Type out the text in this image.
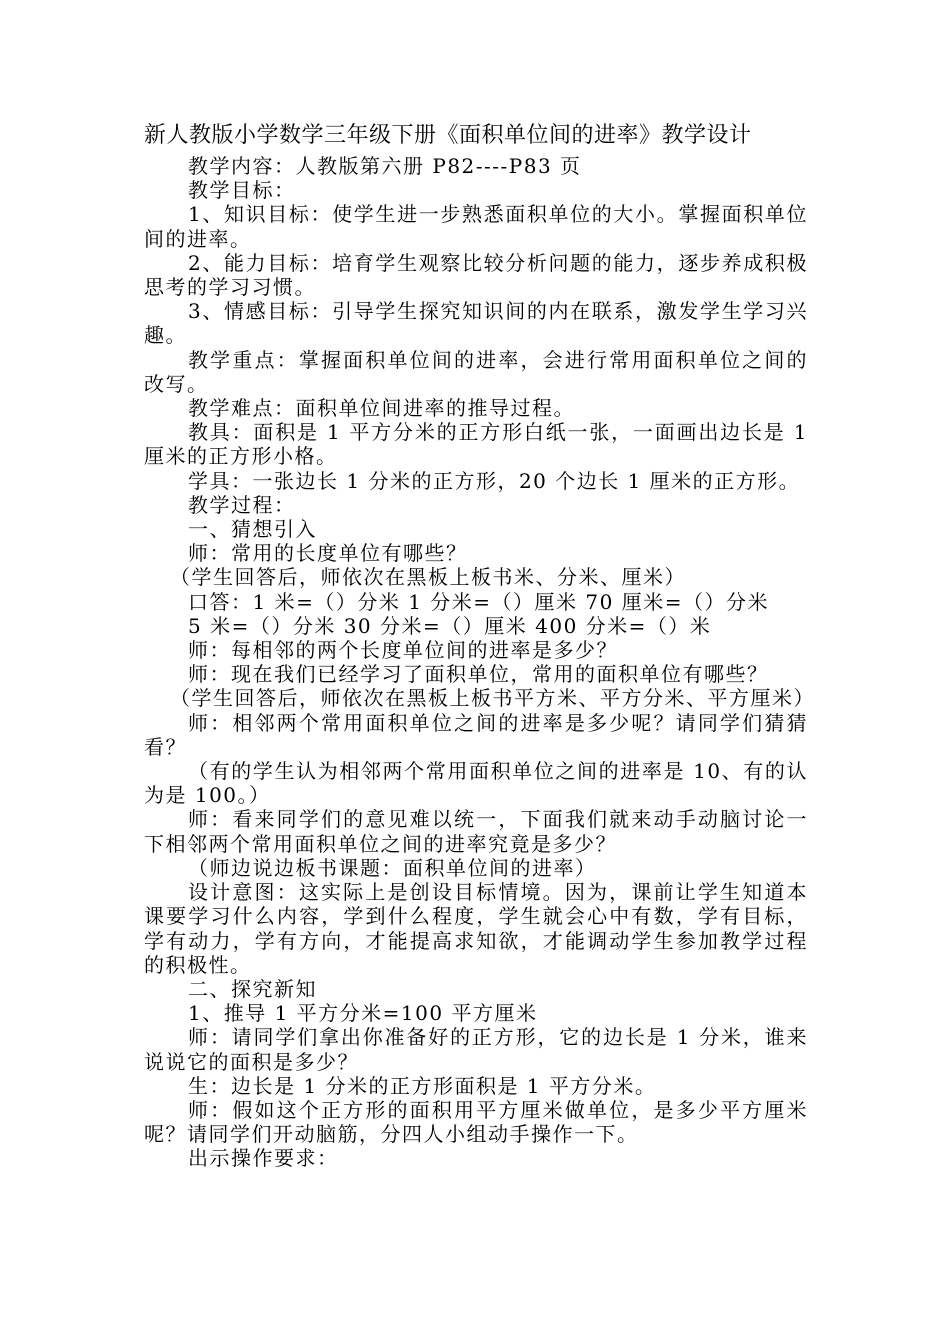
新人教版小学数学三年级下册《面积单位间的进率》教学设计

教学内容：人教版第六册 P82----P83 页

教学目标：

1、知识目标：使学生进一步熟悉面积单位的大小。掌握面积单位间的进率。

2、能力目标：培育学生观察比较分析问题的能力，逐步养成积极思考的学习习惯。

3、情感目标：引导学生探究知识间的内在联系，激发学生学习兴趣。

教学重点：掌握面积单位间的进率，会进行常用面积单位之间的改写。

教学难点：面积单位间进率的推导过程。

教具：面积是 1 平方分米的正方形白纸一张，一面画出边长是 1 厘米的正方形小格。

学具：一张边长 1 分米的正方形，20 个边长 1 厘米的正方形。

教学过程：

一、猜想引入

师：常用的长度单位有哪些？

（学生回答后，师依次在黑板上板书米、分米、厘米）

口答：1 米=（）分米 1 分米=（）厘米 70 厘米=（）分米

5 米=（）分米 30 分米=（）厘米 400 分米=（）米

师：每相邻的两个长度单位间的进率是多少？

师：现在我们已经学习了面积单位，常用的面积单位有哪些？

（学生回答后，师依次在黑板上板书平方米、平方分米、平方厘米）

师：相邻两个常用面积单位之间的进率是多少呢？请同学们猜猜看？

（有的学生认为相邻两个常用面积单位之间的进率是 10、有的认为是 100。）

师：看来同学们的意见难以统一，下面我们就来动手动脑讨论一下相邻两个常用面积单位之间的进率究竟是多少？

（师边说边板书课题：面积单位间的进率）

设计意图：这实际上是创设目标情境。因为，课前让学生知道本课要学习什么内容，学到什么程度，学生就会心中有数，学有目标，学有动力，学有方向，才能提高求知欲，才能调动学生参加教学过程的积极性。

二、探究新知

1、推导 1 平方分米=100 平方厘米

师：请同学们拿出你准备好的正方形，它的边长是 1 分米，谁来说说它的面积是多少？

生：边长是 1 分米的正方形面积是 1 平方分米。

师：假如这个正方形的面积用平方厘米做单位，是多少平方厘米呢？请同学们开动脑筋，分四人小组动手操作一下。

出示操作要求：
